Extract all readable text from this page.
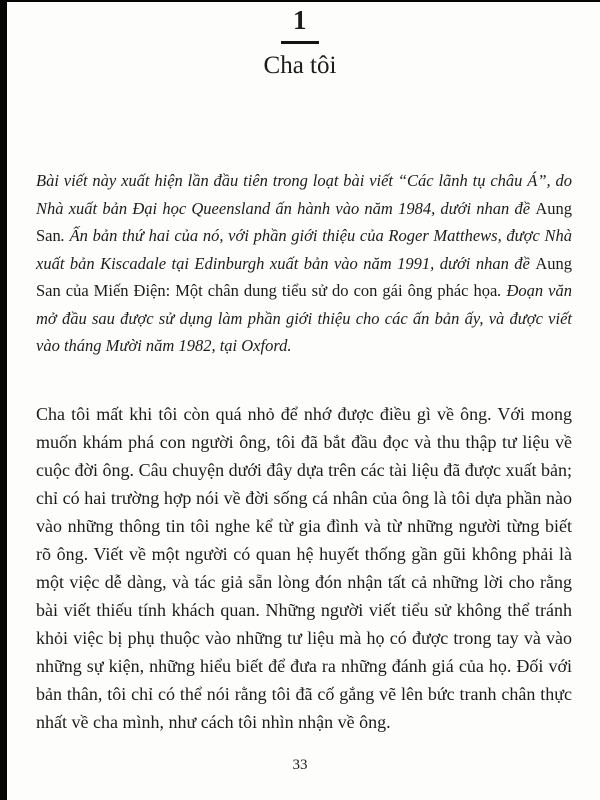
1
Cha tôi

Bài viết này xuất hiện lần đầu tiên trong loạt bài viết “Các lãnh tụ châu Á”, do Nhà xuất bản Đại học Queensland ấn hành vào năm 1984, dưới nhan đề Aung San. Ấn bản thứ hai của nó, với phần giới thiệu của Roger Matthews, được Nhà xuất bản Kiscadale tại Edinburgh xuất bản vào năm 1991, dưới nhan đề Aung San của Miến Điện: Một chân dung tiểu sử do con gái ông phác họa. Đoạn văn mở đầu sau được sử dụng làm phần giới thiệu cho các ấn bản ấy, và được viết vào tháng Mười năm 1982, tại Oxford.

Cha tôi mất khi tôi còn quá nhỏ để nhớ được điều gì về ông. Với mong muốn khám phá con người ông, tôi đã bắt đầu đọc và thu thập tư liệu về cuộc đời ông. Câu chuyện dưới đây dựa trên các tài liệu đã được xuất bản; chỉ có hai trường hợp nói về đời sống cá nhân của ông là tôi dựa phần nào vào những thông tin tôi nghe kể từ gia đình và từ những người từng biết rõ ông. Viết về một người có quan hệ huyết thống gần gũi không phải là một việc dễ dàng, và tác giả sẵn lòng đón nhận tất cả những lời cho rằng bài viết thiếu tính khách quan. Những người viết tiểu sử không thể tránh khỏi việc bị phụ thuộc vào những tư liệu mà họ có được trong tay và vào những sự kiện, những hiểu biết để đưa ra những đánh giá của họ. Đối với bản thân, tôi chỉ có thể nói rằng tôi đã cố gắng vẽ lên bức tranh chân thực nhất về cha mình, như cách tôi nhìn nhận về ông.

33
